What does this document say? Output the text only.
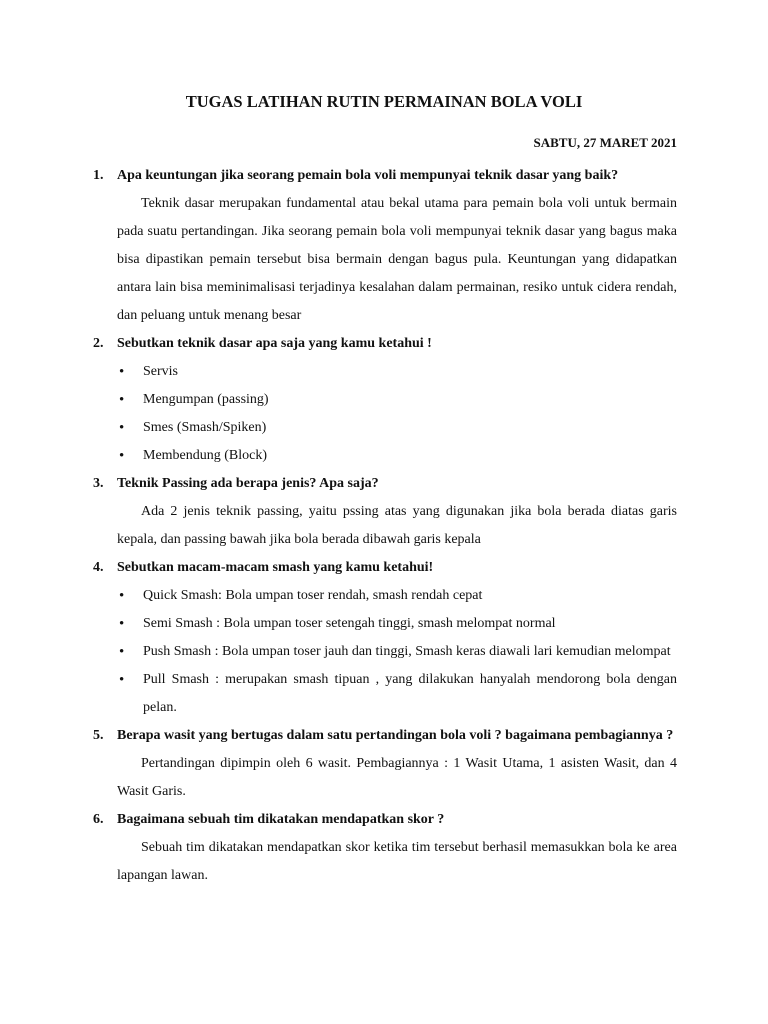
TUGAS LATIHAN RUTIN PERMAINAN BOLA VOLI
SABTU, 27 MARET 2021
1. Apa keuntungan jika seorang pemain bola voli mempunyai teknik dasar yang baik?
Teknik dasar merupakan fundamental atau bekal utama para pemain bola voli untuk bermain pada suatu pertandingan. Jika seorang pemain bola voli mempunyai teknik dasar yang bagus maka bisa dipastikan pemain tersebut bisa bermain dengan bagus pula. Keuntungan yang didapatkan antara lain bisa meminimalisasi terjadinya kesalahan dalam permainan, resiko untuk cidera rendah, dan peluang untuk menang besar
2. Sebutkan teknik dasar apa saja yang kamu ketahui !
• Servis
• Mengumpan (passing)
• Smes (Smash/Spiken)
• Membendung (Block)
3. Teknik Passing ada berapa jenis? Apa saja?
Ada 2 jenis teknik passing, yaitu pssing atas yang digunakan jika bola berada diatas garis kepala, dan passing bawah jika bola berada dibawah garis kepala
4. Sebutkan macam-macam smash yang kamu ketahui!
• Quick Smash: Bola umpan toser rendah, smash rendah cepat
• Semi Smash : Bola umpan toser setengah tinggi, smash melompat normal
• Push Smash : Bola umpan toser jauh dan tinggi, Smash keras diawali lari kemudian melompat
• Pull Smash : merupakan smash tipuan , yang dilakukan hanyalah mendorong bola dengan pelan.
5. Berapa wasit yang bertugas dalam satu pertandingan bola voli ? bagaimana pembagiannya ?
Pertandingan dipimpin oleh 6 wasit. Pembagiannya : 1 Wasit Utama, 1 asisten Wasit, dan 4 Wasit Garis.
6. Bagaimana sebuah tim dikatakan mendapatkan skor ?
Sebuah tim dikatakan mendapatkan skor ketika tim tersebut berhasil memasukkan bola ke area lapangan lawan.
